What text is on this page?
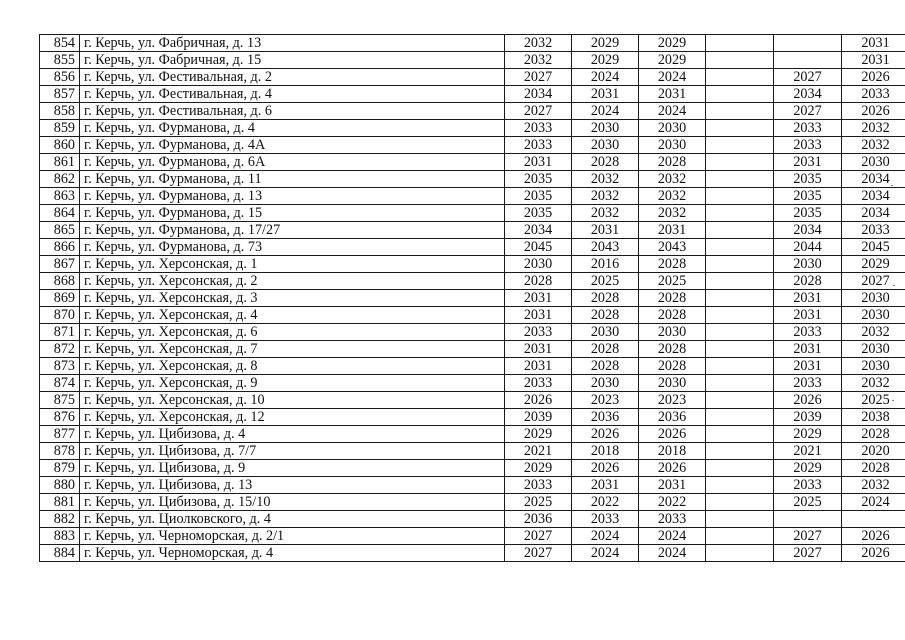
854	г. Керчь, ул. Фабричная, д. 13	2032	2029	2029			2031
855	г. Керчь, ул. Фабричная, д. 15	2032	2029	2029			2031
856	г. Керчь, ул. Фестивальная, д. 2	2027	2024	2024		2027	2026
857	г. Керчь, ул. Фестивальная, д. 4	2034	2031	2031		2034	2033
858	г. Керчь, ул. Фестивальная, д. 6	2027	2024	2024		2027	2026
859	г. Керчь, ул. Фурманова, д. 4	2033	2030	2030		2033	2032
860	г. Керчь, ул. Фурманова, д. 4А	2033	2030	2030		2033	2032
861	г. Керчь, ул. Фурманова, д. 6А	2031	2028	2028		2031	2030
862	г. Керчь, ул. Фурманова, д. 11	2035	2032	2032		2035	2034
863	г. Керчь, ул. Фурманова, д. 13	2035	2032	2032		2035	2034
864	г. Керчь, ул. Фурманова, д. 15	2035	2032	2032		2035	2034
865	г. Керчь, ул. Фурманова, д. 17/27	2034	2031	2031		2034	2033
866	г. Керчь, ул. Фурманова, д. 73	2045	2043	2043		2044	2045
867	г. Керчь, ул. Херсонская, д. 1	2030	2016	2028		2030	2029
868	г. Керчь, ул. Херсонская, д. 2	2028	2025	2025		2028	2027
869	г. Керчь, ул. Херсонская, д. 3	2031	2028	2028		2031	2030
870	г. Керчь, ул. Херсонская, д. 4	2031	2028	2028		2031	2030
871	г. Керчь, ул. Херсонская, д. 6	2033	2030	2030		2033	2032
872	г. Керчь, ул. Херсонская, д. 7	2031	2028	2028		2031	2030
873	г. Керчь, ул. Херсонская, д. 8	2031	2028	2028		2031	2030
874	г. Керчь, ул. Херсонская, д. 9	2033	2030	2030		2033	2032
875	г. Керчь, ул. Херсонская, д. 10	2026	2023	2023		2026	2025
876	г. Керчь, ул. Херсонская, д. 12	2039	2036	2036		2039	2038
877	г. Керчь, ул. Цибизова, д. 4	2029	2026	2026		2029	2028
878	г. Керчь, ул. Цибизова, д. 7/7	2021	2018	2018		2021	2020
879	г. Керчь, ул. Цибизова, д. 9	2029	2026	2026		2029	2028
880	г. Керчь, ул. Цибизова, д. 13	2033	2031	2031		2033	2032
881	г. Керчь, ул. Цибизова, д. 15/10	2025	2022	2022		2025	2024
882	г. Керчь, ул. Циолковского, д. 4	2036	2033	2033			
883	г. Керчь, ул. Черноморская, д. 2/1	2027	2024	2024		2027	2026
884	г. Керчь, ул. Черноморская, д. 4	2027	2024	2024		2027	2026
